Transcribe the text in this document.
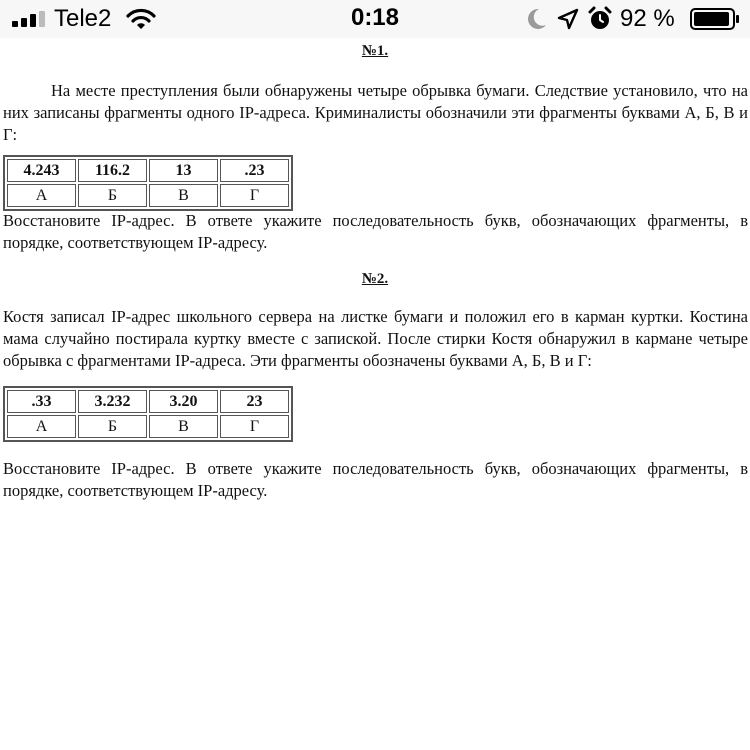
Tele2	0:18	92 %
№1.

На месте преступления были обнаружены четыре обрывка бумаги. Следствие установило, что на них записаны фрагменты одного IP-адреса. Криминалисты обозначили эти фрагменты буквами А, Б, В и Г:

4.243	116.2	13	.23
А	Б	В	Г

Восстановите IP-адрес. В ответе укажите последовательность букв, обозначающих фрагменты, в порядке, соответствующем IP-адресу.

№2.

Костя записал IP-адрес школьного сервера на листке бумаги и положил его в карман куртки. Костина мама случайно постирала куртку вместе с запиской. После стирки Костя обнаружил в кармане четыре обрывка с фрагментами IP-адреса. Эти фрагменты обозначены буквами А, Б, В и Г:

.33	3.232	3.20	23
А	Б	В	Г

Восстановите IP-адрес. В ответе укажите последовательность букв, обозначающих фрагменты, в порядке, соответствующем IP-адресу.
